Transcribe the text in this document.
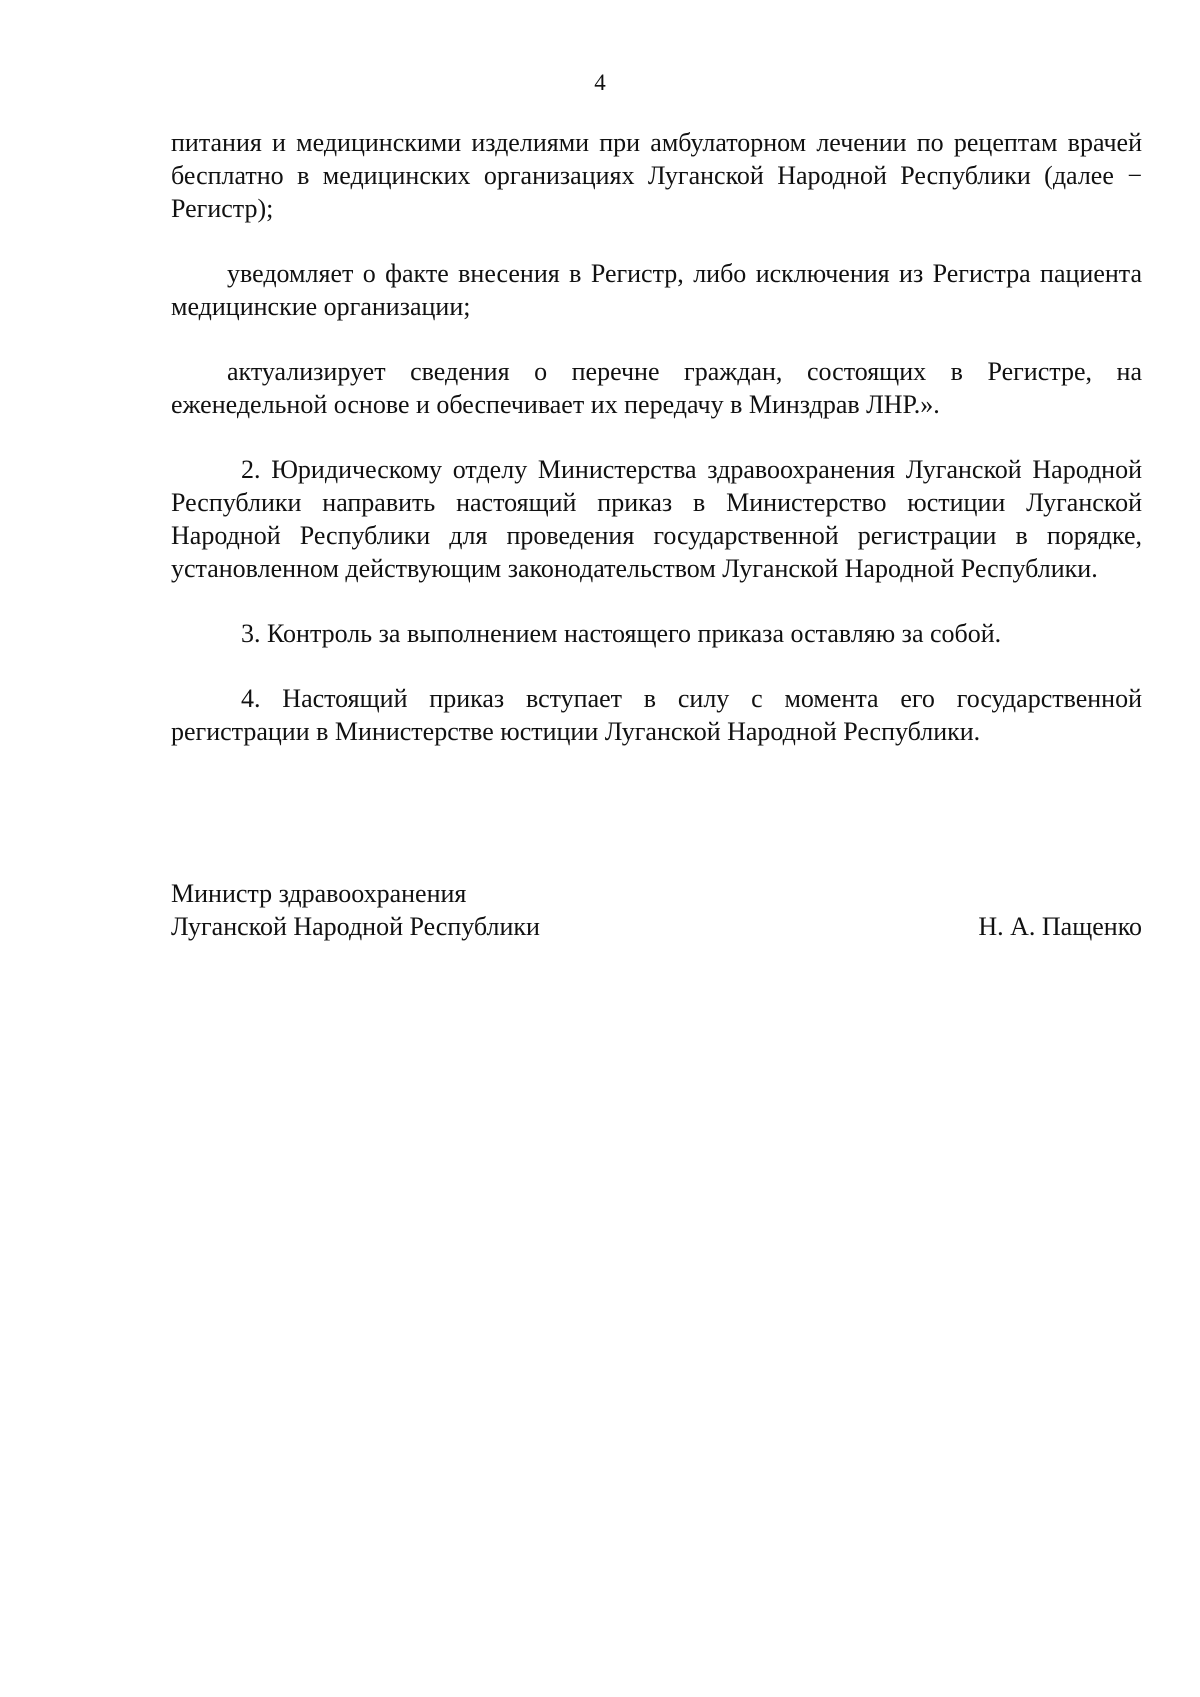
4

питания и медицинскими изделиями при амбулаторном лечении по рецептам врачей бесплатно в медицинских организациях Луганской Народной Республики (далее − Регистр);

уведомляет о факте внесения в Регистр, либо исключения из Регистра пациента медицинские организации;

актуализирует сведения о перечне граждан, состоящих в Регистре, на еженедельной основе и обеспечивает их передачу в Минздрав ЛНР.».

2. Юридическому отделу Министерства здравоохранения Луганской Народной Республики направить настоящий приказ в Министерство юстиции Луганской Народной Республики для проведения государственной регистрации в порядке, установленном действующим законодательством Луганской Народной Республики.

3. Контроль за выполнением настоящего приказа оставляю за собой.

4. Настоящий приказ вступает в силу с момента его государственной регистрации в Министерстве юстиции Луганской Народной Республики.

Министр здравоохранения
Луганской Народной Республики	Н. А. Пащенко
